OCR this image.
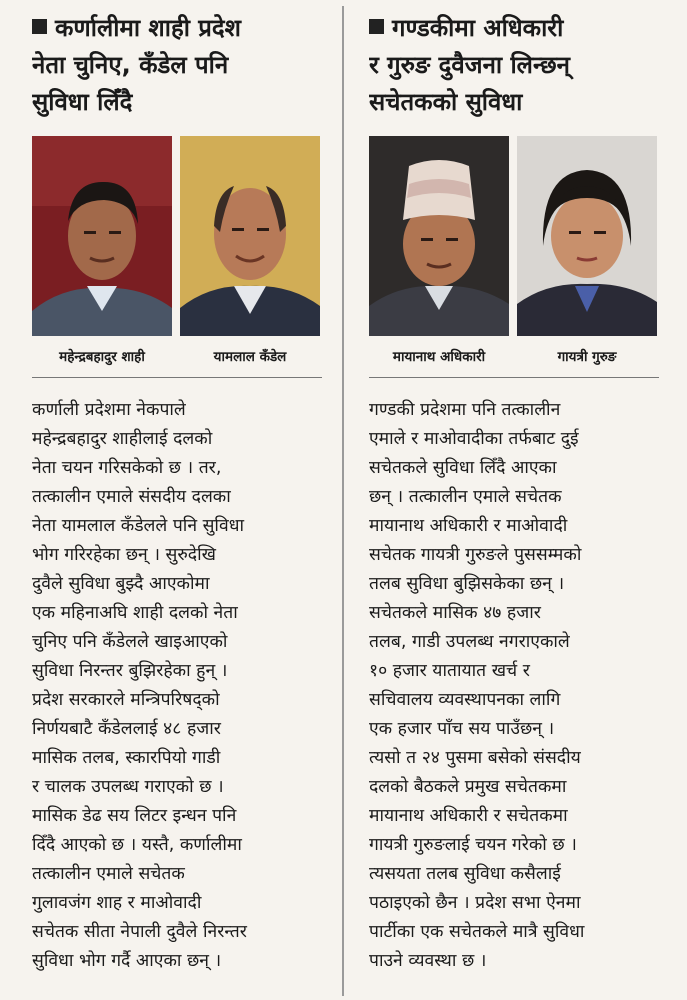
कर्णालीमा शाही प्रदेश
नेता चुनिए, कँडेल पनि
सुविधा लिँदै
महेन्द्रबहादुर शाही	यामलाल कँडेल
कर्णाली प्रदेशमा नेकपाले
महेन्द्रबहादुर शाहीलाई दलको
नेता चयन गरिसकेको छ । तर,
तत्कालीन एमाले संसदीय दलका
नेता यामलाल कँडेलले पनि सुविधा
भोग गरिरहेका छन् । सुरुदेखि
दुवैले सुविधा बुझ्दै आएकोमा
एक महिनाअघि शाही दलको नेता
चुनिए पनि कँडेलले खाइआएको
सुविधा निरन्तर बुझिरहेका हुन् ।
प्रदेश सरकारले मन्त्रिपरिषद्को
निर्णयबाटै कँडेललाई ४८ हजार
मासिक तलब, स्कारपियो गाडी
र चालक उपलब्ध गराएको छ ।
मासिक डेढ सय लिटर इन्धन पनि
दिँदै आएको छ । यस्तै, कर्णालीमा
तत्कालीन एमाले सचेतक
गुलावजंग शाह र माओवादी
सचेतक सीता नेपाली दुवैले निरन्तर
सुविधा भोग गर्दै आएका छन् ।
गण्डकीमा अधिकारी
र गुरुङ दुवैजना लिन्छन्
सचेतकको सुविधा
मायानाथ अधिकारी	गायत्री गुरुङ
गण्डकी प्रदेशमा पनि तत्कालीन
एमाले र माओवादीका तर्फबाट दुई
सचेतकले सुविधा लिँदै आएका
छन् । तत्कालीन एमाले सचेतक
मायानाथ अधिकारी र माओवादी
सचेतक गायत्री गुरुङले पुससम्मको
तलब सुविधा बुझिसकेका छन् ।
सचेतकले मासिक ४७ हजार
तलब, गाडी उपलब्ध नगराएकाले
१० हजार यातायात खर्च र
सचिवालय व्यवस्थापनका लागि
एक हजार पाँच सय पाउँछन् ।
त्यसो त २४ पुसमा बसेको संसदीय
दलको बैठकले प्रमुख सचेतकमा
मायानाथ अधिकारी र सचेतकमा
गायत्री गुरुङलाई चयन गरेको छ ।
त्यसयता तलब सुविधा कसैलाई
पठाइएको छैन । प्रदेश सभा ऐनमा
पार्टीका एक सचेतकले मात्रै सुविधा
पाउने व्यवस्था छ ।
